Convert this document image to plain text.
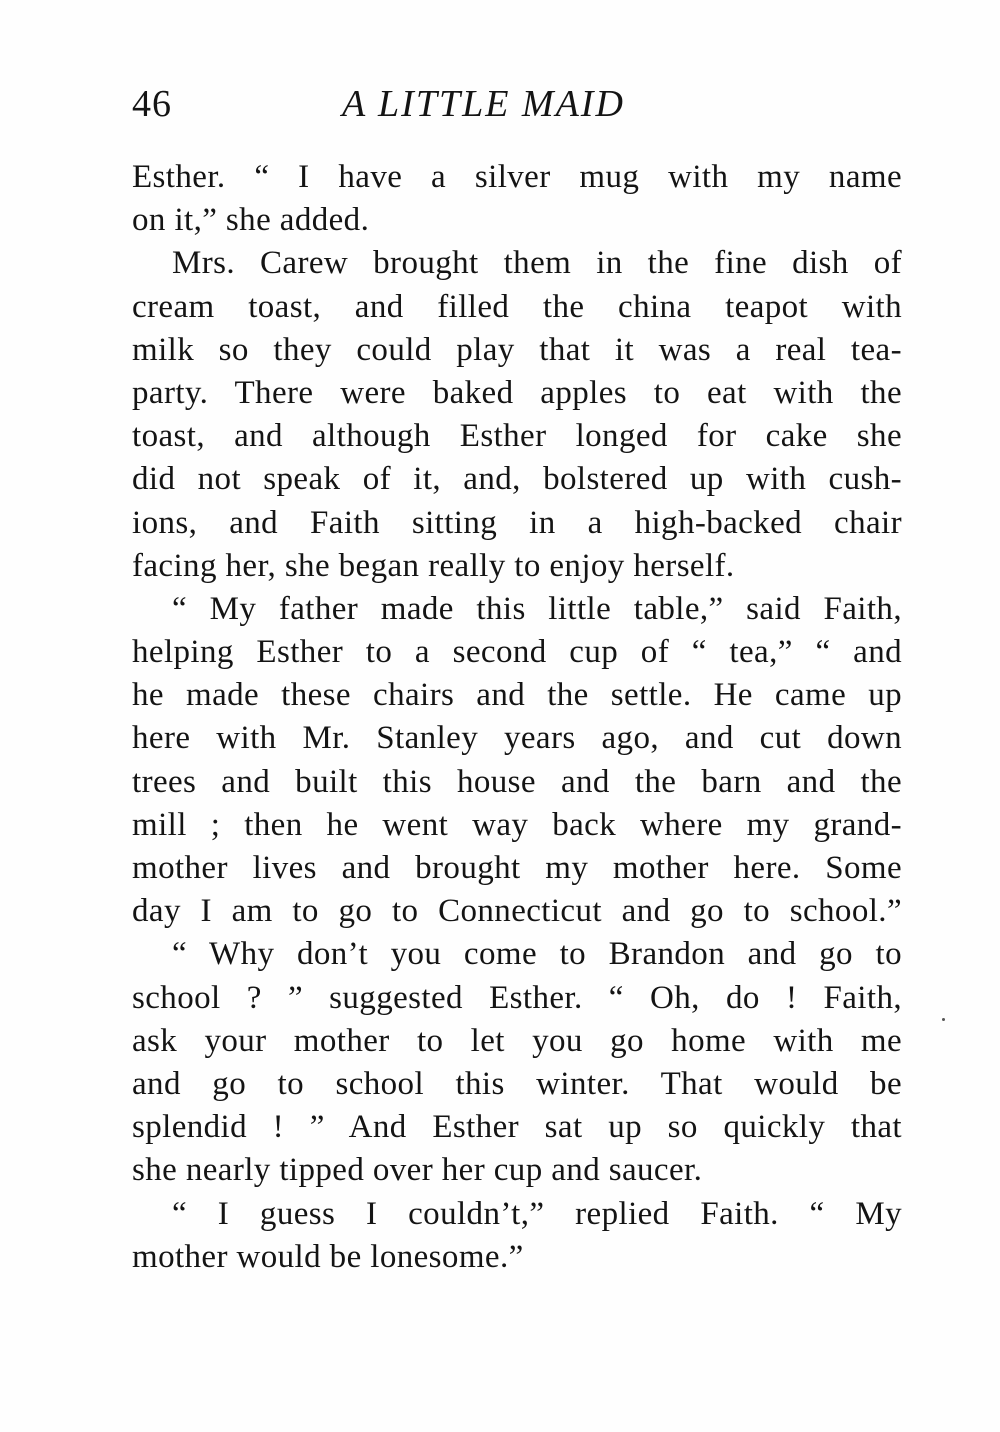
46	A LITTLE MAID
Esther. “ I have a silver mug with my name
on it,” she added.
Mrs. Carew brought them in the fine dish of
cream toast, and filled the china teapot with
milk so they could play that it was a real tea-
party. There were baked apples to eat with the
toast, and although Esther longed for cake she
did not speak of it, and, bolstered up with cush-
ions, and Faith sitting in a high-backed chair
facing her, she began really to enjoy herself.
“ My father made this little table,” said Faith,
helping Esther to a second cup of “ tea,” “ and
he made these chairs and the settle. He came up
here with Mr. Stanley years ago, and cut down
trees and built this house and the barn and the
mill ; then he went way back where my grand-
mother lives and brought my mother here. Some
day I am to go to Connecticut and go to school.”
“ Why don’t you come to Brandon and go to
school ? ” suggested Esther. “ Oh, do ! Faith,
ask your mother to let you go home with me
and go to school this winter. That would be
splendid ! ” And Esther sat up so quickly that
she nearly tipped over her cup and saucer.
“ I guess I couldn’t,” replied Faith. “ My
mother would be lonesome.”
